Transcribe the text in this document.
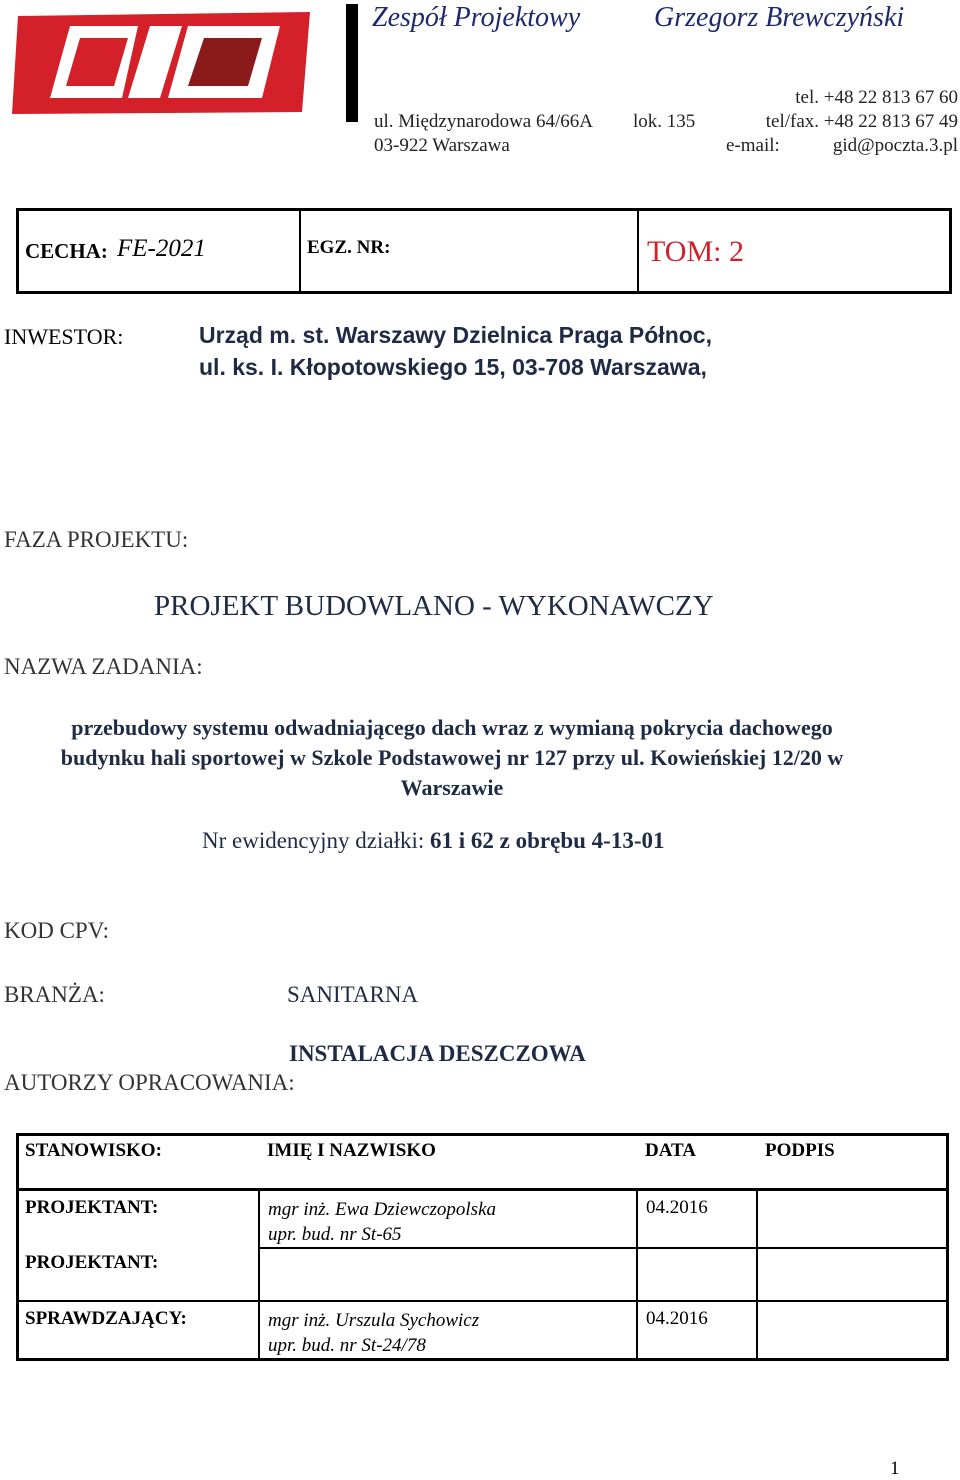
Zespół Projektowy	Grzegorz Brewczyński
tel. +48 22 813 67 60
ul. Międzynarodowa 64/66A lok. 135	tel/fax. +48 22 813 67 49
03-922 Warszawa	e-mail:	gid@poczta.3.pl
CECHA: FE-2021	EGZ. NR:	TOM: 2
INWESTOR:	Urząd m. st. Warszawy Dzielnica Praga Północ,
ul. ks. I. Kłopotowskiego 15, 03-708 Warszawa,
FAZA PROJEKTU:
PROJEKT BUDOWLANO - WYKONAWCZY
NAZWA ZADANIA:
przebudowy systemu odwadniającego dach wraz z wymianą pokrycia dachowego
budynku hali sportowej w Szkole Podstawowej nr 127 przy ul. Kowieńskiej 12/20 w
Warszawie
Nr ewidencyjny działki: 61 i 62 z obrębu 4-13-01
KOD CPV:
BRANŻA:	SANITARNA
INSTALACJA DESZCZOWA
AUTORZY OPRACOWANIA:
STANOWISKO:	IMIĘ I NAZWISKO	DATA	PODPIS
PROJEKTANT:	mgr inż. Ewa Dziewczopolska
upr. bud. nr St-65	04.2016	
PROJEKTANT:	

SPRAWDZAJĄCY:	mgr inż. Urszula Sychowicz
upr. bud. nr St-24/78	04.2016	
1
